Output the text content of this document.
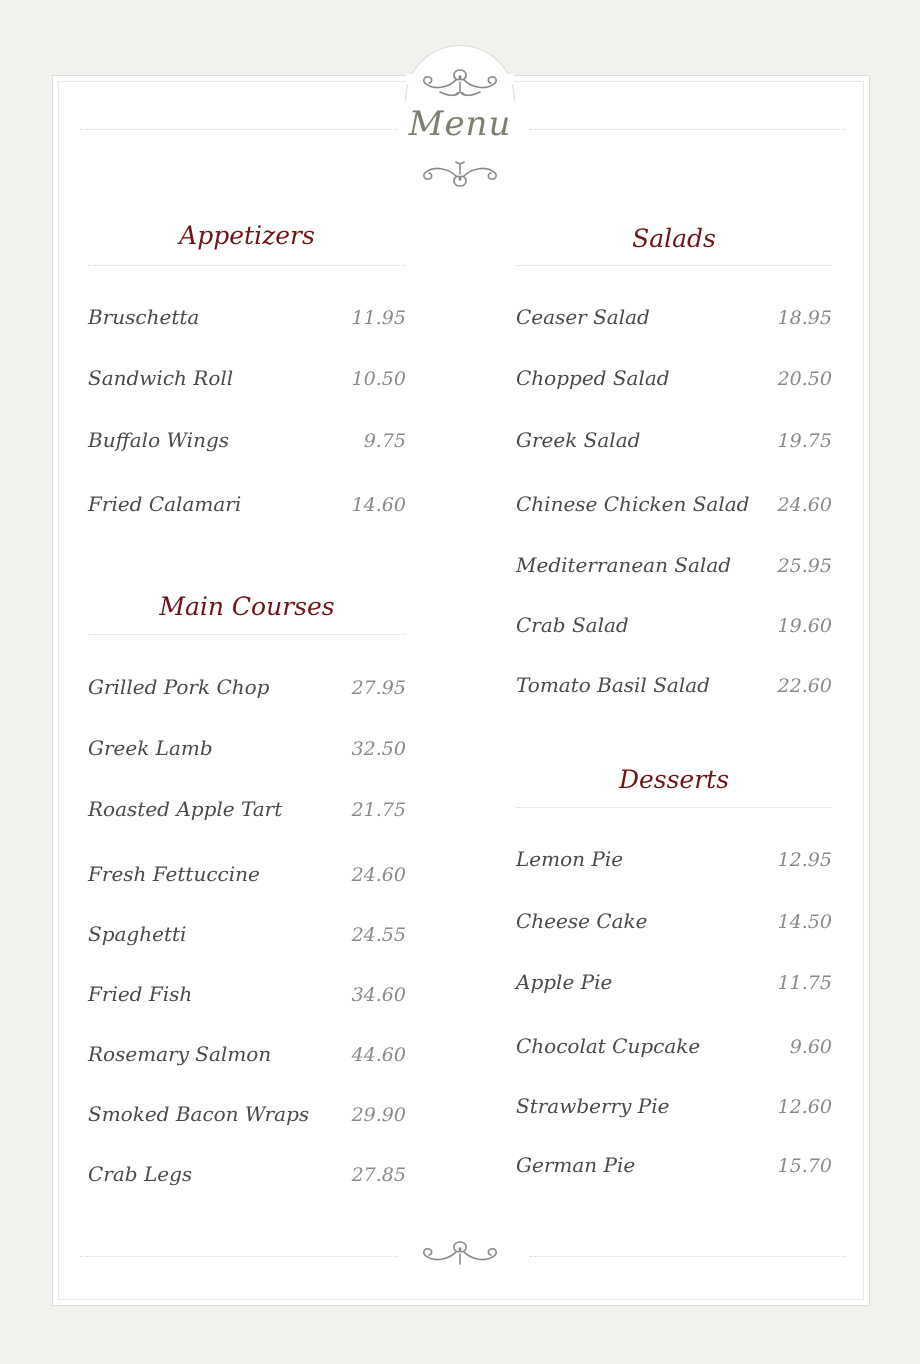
Menu
Appetizers
Bruschetta	11.95
Sandwich Roll	10.50
Buffalo Wings	9.75
Fried Calamari	14.60
Main Courses
Grilled Pork Chop	27.95
Greek Lamb	32.50
Roasted Apple Tart	21.75
Fresh Fettuccine	24.60
Spaghetti	24.55
Fried Fish	34.60
Rosemary Salmon	44.60
Smoked Bacon Wraps 29.90
Crab Legs	27.85
Salads
Ceaser Salad	18.95
Chopped Salad	20.50
Greek Salad	19.75
Chinese Chicken Salad 24.60
Mediterranean Salad 25.95
Crab Salad	19.60
Tomato Basil Salad	22.60
Desserts
Lemon Pie	12.95
Cheese Cake	14.50
Apple Pie	11.75
Chocolat Cupcake	9.60
Strawberry Pie	12.60
German Pie	15.70
